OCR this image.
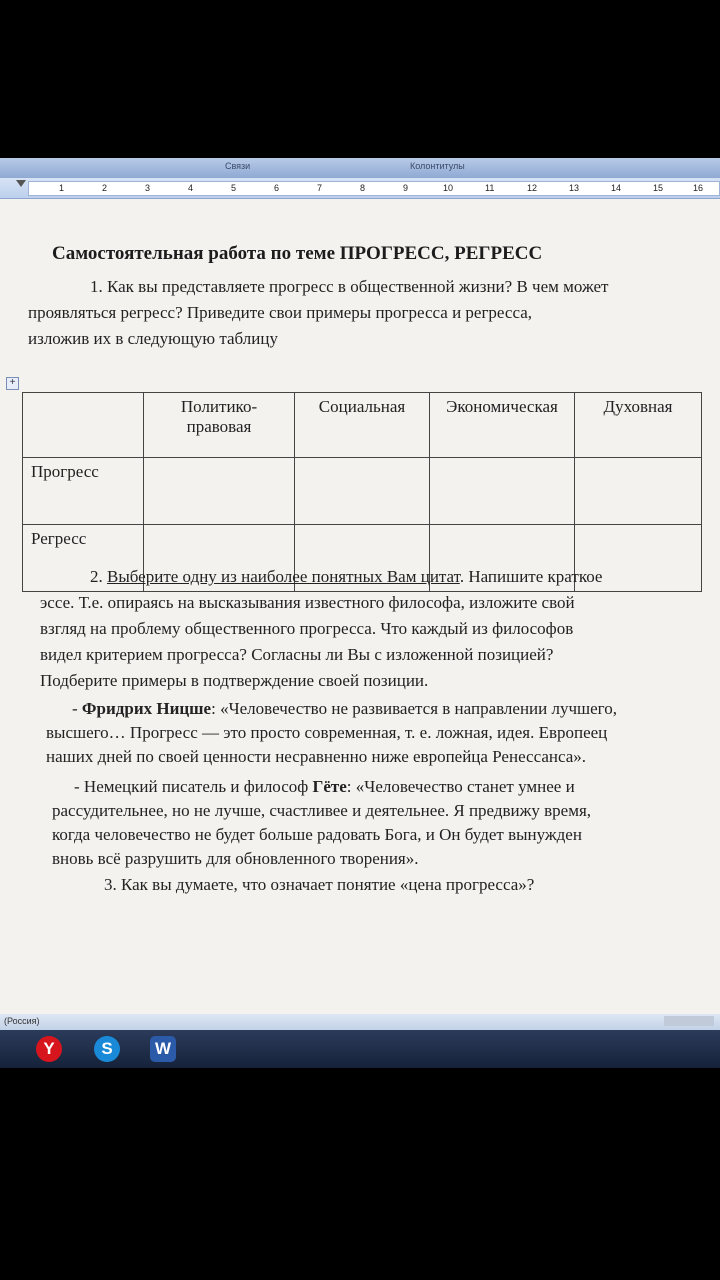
Связи	Колонтитулы
1	2	3	4	5	6	7	8	9	10	11	12	13	14	15	16
Самостоятельная работа по теме ПРОГРЕСС, РЕГРЕСС
1. Как вы представляете прогресс в общественной жизни? В чем может
проявляться регресс? Приведите свои примеры прогресса и регресса,
изложив их в следующую таблицу
+
	Политико-
правовая	Социальная	Экономическая	Духовная
Прогресс				
Регресс				
2. Выберите одну из наиболее понятных Вам цитат. Напишите краткое
эссе. Т.е. опираясь на высказывания известного философа, изложите свой
взгляд на проблему общественного прогресса. Что каждый из философов
видел критерием прогресса? Согласны ли Вы с изложенной позицией?
Подберите примеры в подтверждение своей позиции.
- Фридрих Ницше: «Человечество не развивается в направлении лучшего,
высшего… Прогресс — это просто современная, т. е. ложная, идея. Европеец
наших дней по своей ценности несравненно ниже европейца Ренессанса».
- Немецкий писатель и философ Гёте: «Человечество станет умнее и
рассудительнее, но не лучше, счастливее и деятельнее. Я предвижу время,
когда человечество не будет больше радовать Бога, и Он будет вынужден
вновь всё разрушить для обновленного творения».
3. Как вы думаете, что означает понятие «цена прогресса»?
(Россия)
Y	S	W
